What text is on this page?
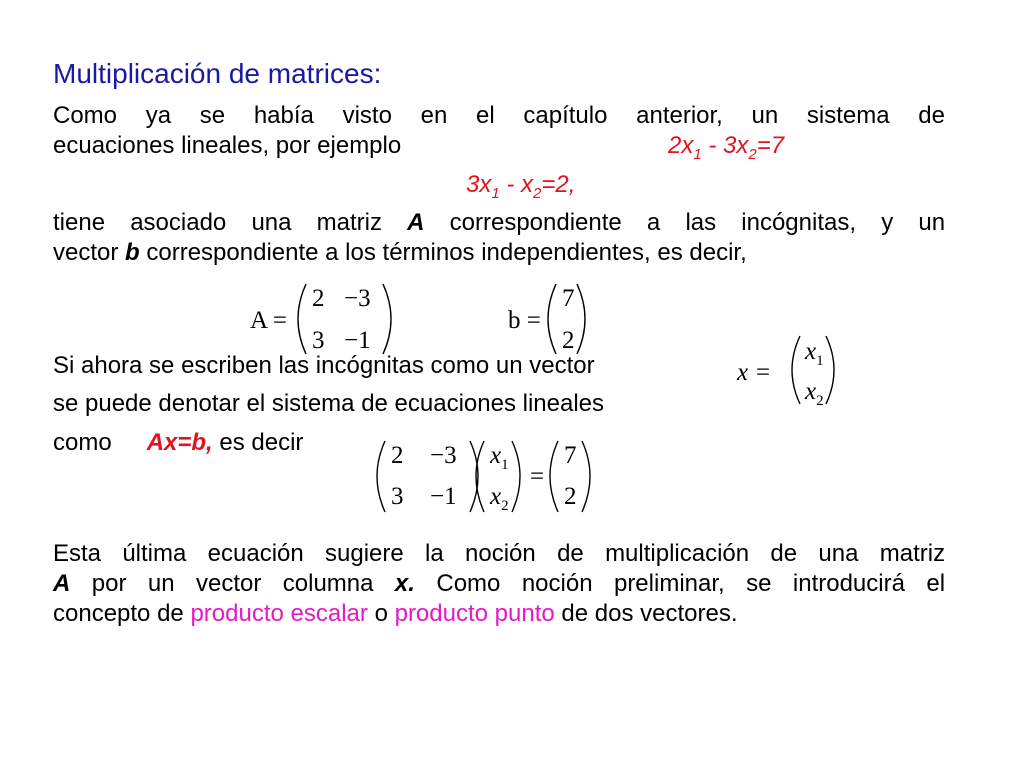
Multiplicación de matrices:
Como ya se había visto en el capítulo anterior, un sistema de
ecuaciones lineales, por ejemplo	$2x_1 - 3x_2=7$
$3x_1 - x_2=2$,
tiene asociado una matriz A correspondiente a las incógnitas, y un
vector b correspondiente a los términos independientes, es decir,
A =
2 −3
3 −1
b =
7
2
Si ahora se escriben las incógnitas como un vector
se puede denotar el sistema de ecuaciones lineales
como Ax=b, es decir
x =
$x_1$
$x_2$
2 −3
3 −1
$x_1$
$x_2$
=
7
2
Esta última ecuación sugiere la noción de multiplicación de una matriz
A por un vector columna x. Como noción preliminar, se introducirá el
concepto de producto escalar o producto punto de dos vectores.
